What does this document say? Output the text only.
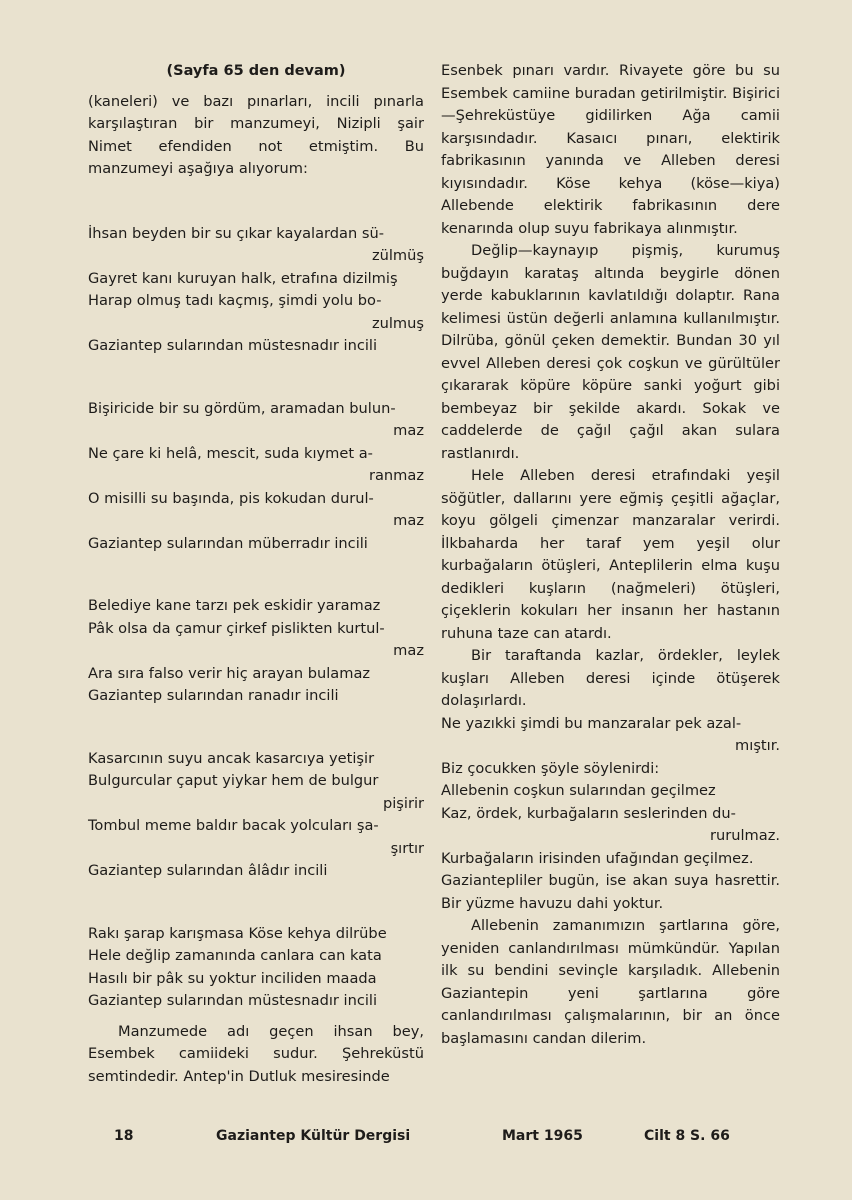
(Sayfa 65 den devam)

(kaneleri) ve bazı pınarları, incili pınarla karşılaştıran bir manzumeyi, Nizipli şair Nimet efendiden not etmiştim. Bu manzumeyi aşağıya alıyorum:

İhsan beyden bir su çıkar kayalardan sü-

zülmüş

Gayret kanı kuruyan halk, etrafına dizilmiş

Harap olmuş tadı kaçmış, şimdi yolu bo-

zulmuş

Gaziantep sularından müstesnadır incili

Bişiricide bir su gördüm, aramadan bulun-

maz

Ne çare ki helâ, mescit, suda kıymet a-

ranmaz

O misilli su başında, pis kokudan durul-

maz

Gaziantep sularından müberradır incili

Belediye kane tarzı pek eskidir yaramaz

Pâk olsa da çamur çirkef pislikten kurtul-

maz

Ara sıra falso verir hiç arayan bulamaz

Gaziantep sularından ranadır incili

Kasarcının suyu ancak kasarcıya yetişir

Bulgurcular çaput yiykar hem de bulgur

pişirir

Tombul meme baldır bacak yolcuları şa-

şırtır

Gaziantep sularından âlâdır incili

Rakı şarap karışmasa Köse kehya dilrübe

Hele değlip zamanında canlara can kata

Hasılı bir pâk su yoktur inciliden maada

Gaziantep sularından müstesnadır incili

Manzumede adı geçen ihsan bey, Esembek camiideki sudur. Şehreküstü semtindedir. Antep'in Dutluk mesiresinde

Esenbek pınarı vardır. Rivayete göre bu su Esembek camiine buradan getirilmiştir. Bişirici—Şehreküstüye gidilirken Ağa camii karşısındadır. Kasaıcı pınarı, elektirik fabrikasının yanında ve Alleben deresi kıyısındadır. Köse kehya (köse—kiya) Allebende elektirik fabrikasının dere kenarında olup suyu fabrikaya alınmıştır.

Değlip—kaynayıp pişmiş, kurumuş buğdayın karataş altında beygirle dönen yerde kabuklarının kavlatıldığı dolaptır. Rana kelimesi üstün değerli anlamına kullanılmıştır. Dilrüba, gönül çeken demektir. Bundan 30 yıl evvel Alleben deresi çok coşkun ve gürültüler çıkararak köpüre köpüre sanki yoğurt gibi bembeyaz bir şekilde akardı. Sokak ve caddelerde de çağıl çağıl akan sulara rastlanırdı.

Hele Alleben deresi etrafındaki yeşil söğütler, dallarını yere eğmiş çeşitli ağaçlar, koyu gölgeli çimenzar manzaralar verirdi. İlkbaharda her taraf yem yeşil olur kurbağaların ötüşleri, Anteplilerin elma kuşu dedikleri kuşların (nağmeleri) ötüşleri, çiçeklerin kokuları her insanın her hastanın ruhuna taze can atardı.

Bir taraftanda kazlar, ördekler, leylek kuşları Alleben deresi içinde ötüşerek dolaşırlardı.

Ne yazıkki şimdi bu manzaralar pek azal-

mıştır.

Biz çocukken şöyle söylenirdi:

Allebenin coşkun sularından geçilmez

Kaz, ördek, kurbağaların seslerinden du-

rurulmaz.

Kurbağaların irisinden ufağından geçilmez.

Gaziantepliler bugün, ise akan suya hasrettir. Bir yüzme havuzu dahi yoktur.

Allebenin zamanımızın şartlarına göre, yeniden canlandırılması mümkündür. Yapılan ilk su bendini sevinçle karşıladık. Allebenin Gaziantepin yeni şartlarına göre canlandırılması çalışmalarının, bir an önce başlamasını candan dilerim.

18	Gaziantep Kültür Dergisi	Mart 1965	Cilt 8 S. 66
